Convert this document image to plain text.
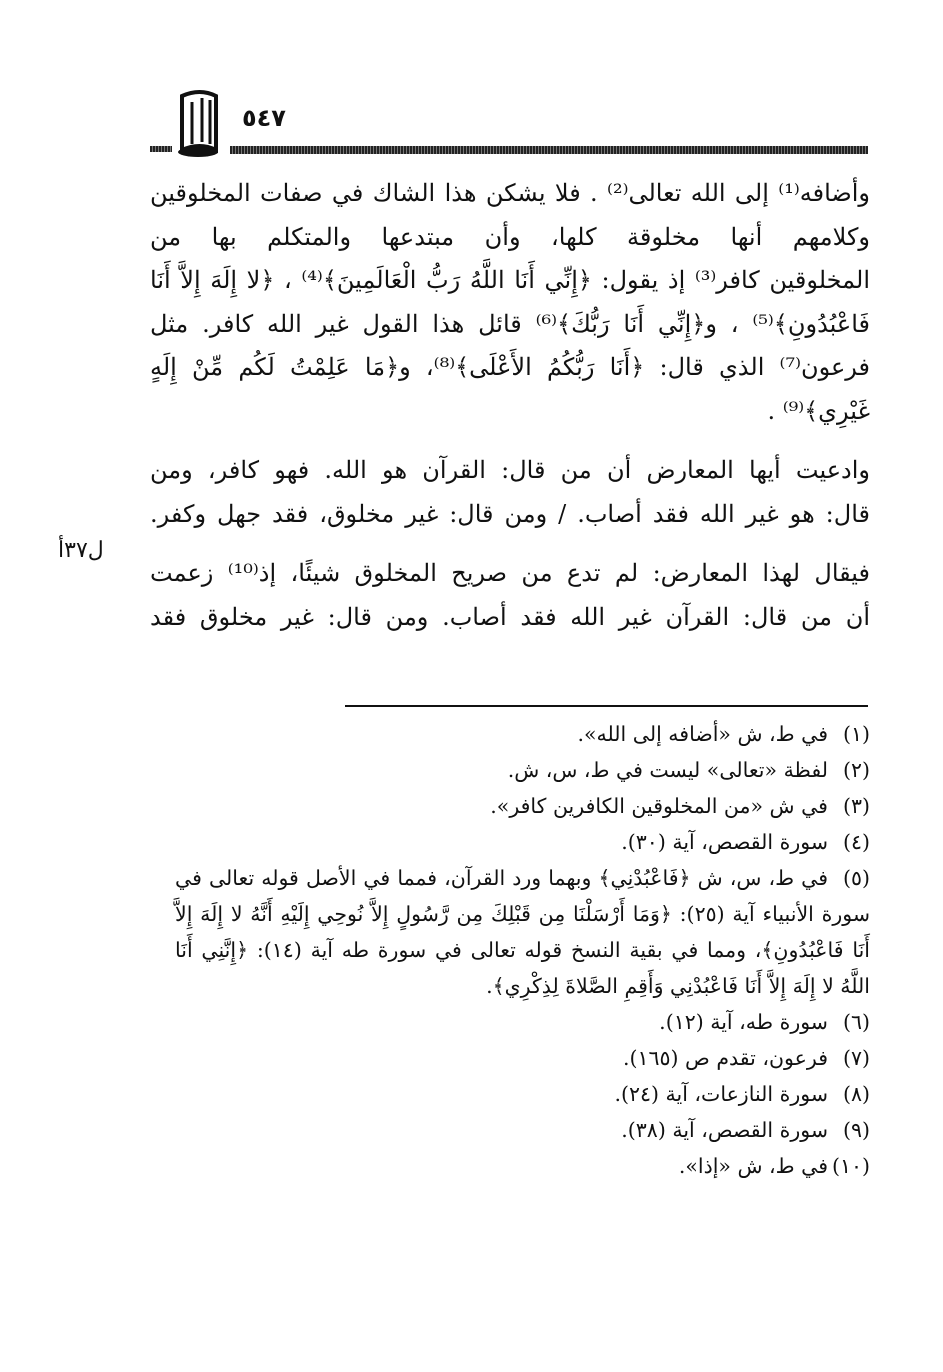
٥٤٧

وأضافه⁽¹⁾ إلى الله تعالى⁽²⁾ . فلا يشكن هذا الشاك في صفات المخلوقين

وكلامهم أنها مخلوقة كلها، وأن مبتدعها والمتكلم بها من

المخلوقين كافر⁽³⁾ إذ يقول: ﴿إِنِّي أَنَا اللَّهُ رَبُّ الْعَالَمِينَ﴾⁽⁴⁾ ، ﴿لا إِلَهَ إِلاَّ أَنَا

فَاعْبُدُونِ﴾⁽⁵⁾ ، و﴿إِنِّي أَنَا رَبُّكَ﴾⁽⁶⁾ قائل هذا القول غير الله كافر. مثل

فرعون⁽⁷⁾ الذي قال: ﴿أَنَا رَبُّكُمُ الأَعْلَى﴾⁽⁸⁾، و﴿مَا عَلِمْتُ لَكُم مِّنْ إِلَهٍ

غَيْرِي﴾⁽⁹⁾ .

وادعيت أيها المعارض أن من قال: القرآن هو الله. فهو كافر، ومن

قال: هو غير الله فقد أصاب. / ومن قال: غير مخلوق، فقد جهل وكفر.

فيقال لهذا المعارض: لم تدع من صريح المخلوق شيئًا، إذ⁽¹⁰⁾ زعمت

أن من قال: القرآن غير الله فقد أصاب. ومن قال: غير مخلوق فقد

ل٣٧أ

(١)في ط، ش «أضافه إلى الله».

(٢)لفظة «تعالى» ليست في ط، س، ش.

(٣)في ش «من المخلوقين الكافرين كافر».

(٤)سورة القصص، آية (٣٠).

(٥)في ط، س، ش ﴿فَاعْبُدْنِي﴾ وبهما ورد القرآن، فمما في الأصل قوله تعالى في سورة الأنبياء آية (٢٥): ﴿وَمَا أَرْسَلْنَا مِن قَبْلِكَ مِن رَّسُولٍ إِلاَّ نُوحِي إِلَيْهِ أَنَّهُ لا إِلَهَ إِلاَّ أَنَا فَاعْبُدُونِ﴾، ومما في بقية النسخ قوله تعالى في سورة طه آية (١٤): ﴿إِنَّنِي أَنَا اللَّهُ لا إِلَهَ إِلاَّ أَنَا فَاعْبُدْنِي وَأَقِمِ الصَّلاةَ لِذِكْرِي﴾.

(٦)سورة طه، آية (١٢).

(٧)فرعون، تقدم ص (١٦٥).

(٨)سورة النازعات، آية (٢٤).

(٩)سورة القصص، آية (٣٨).

(١٠)في ط، ش «إذا».
